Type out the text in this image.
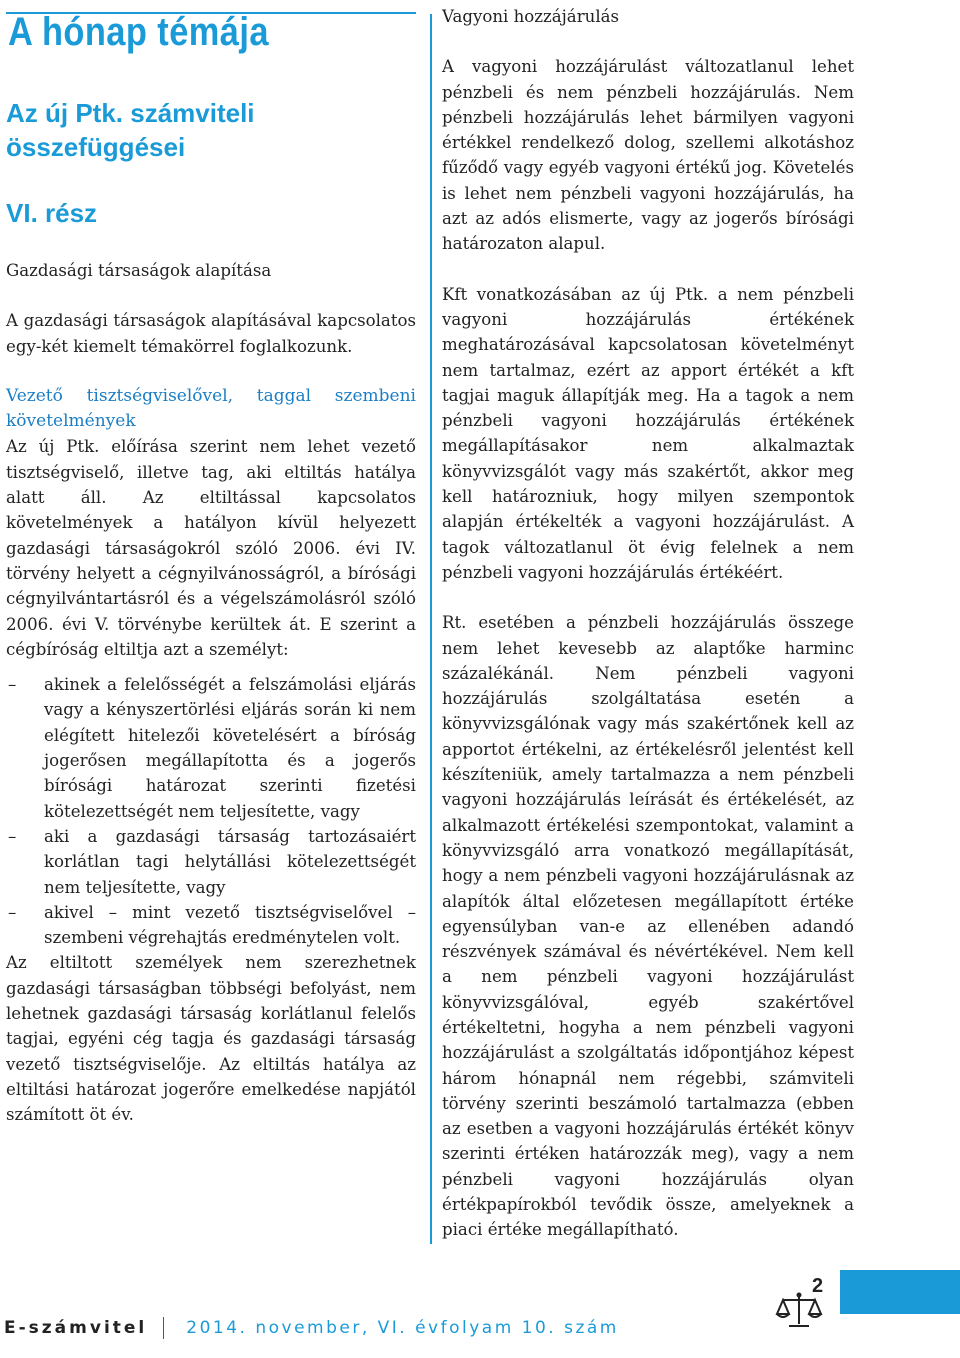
A hónap témája
Az új Ptk. számviteli összefüggései
VI. rész

Gazdasági társaságok alapítása

A gazdasági társaságok alapításával kapcsolatos egy-két kiemelt témakörrel foglalkozunk.

Vezető tisztségviselővel, taggal szembeni követelmények

Az új Ptk. előírása szerint nem lehet vezető tisztségviselő, illetve tag, aki eltiltás hatálya alatt áll. Az eltiltással kapcsolatos követelmények a hatályon kívül helyezett gazdasági társaságokról szóló 2006. évi IV. törvény helyett a cégnyilvánosságról, a bírósági cégnyilvántartásról és a végelszámolásról szóló 2006. évi V. törvénybe kerültek át. E szerint a cégbíróság eltiltja azt a személyt:

– akinek a felelősségét a felszámolási eljárás vagy a kényszertörlési eljárás során ki nem elégített hitelezői követelésért a bíróság jogerősen megállapította és a jogerős bírósági határozat szerinti fizetési kötelezettségét nem teljesítette, vagy
– aki a gazdasági társaság tartozásaiért korlátlan tagi helytállási kötelezettségét nem teljesítette, vagy
– akivel – mint vezető tisztségviselővel – szembeni végrehajtás eredménytelen volt.

Az eltiltott személyek nem szerezhetnek gazdasági társaságban többségi befolyást, nem lehetnek gazdasági társaság korlátlanul felelős tagjai, egyéni cég tagja és gazdasági társaság vezető tisztségviselője. Az eltiltás hatálya az eltiltási határozat jogerőre emelkedése napjától számított öt év.

Vagyoni hozzájárulás

A vagyoni hozzájárulást változatlanul lehet pénzbeli és nem pénzbeli hozzájárulás. Nem pénzbeli hozzájárulás lehet bármilyen vagyoni értékkel rendelkező dolog, szellemi alkotáshoz fűződő vagy egyéb vagyoni értékű jog. Követelés is lehet nem pénzbeli vagyoni hozzájárulás, ha azt az adós elismerte, vagy az jogerős bírósági határozaton alapul.

Kft vonatkozásában az új Ptk. a nem pénzbeli vagyoni hozzájárulás értékének meghatározásával kapcsolatosan követelményt nem tartalmaz, ezért az apport értékét a kft tagjai maguk állapítják meg. Ha a tagok a nem pénzbeli vagyoni hozzájárulás értékének megállapításakor nem alkalmaztak könyvvizsgálót vagy más szakértőt, akkor meg kell határozniuk, hogy milyen szempontok alapján értékelték a vagyoni hozzájárulást. A tagok változatlanul öt évig felelnek a nem pénzbeli vagyoni hozzájárulás értékéért.

Rt. esetében a pénzbeli hozzájárulás összege nem lehet kevesebb az alaptőke harminc százalékánál. Nem pénzbeli vagyoni hozzájárulás szolgáltatása esetén a könyvvizsgálónak vagy más szakértőnek kell az apportot értékelni, az értékelésről jelentést kell készíteniük, amely tartalmazza a nem pénzbeli vagyoni hozzájárulás leírását és értékelését, az alkalmazott értékelési szempontokat, valamint a könyvvizsgáló arra vonatkozó megállapítását, hogy a nem pénzbeli vagyoni hozzájárulásnak az alapítók által előzetesen megállapított értéke egyensúlyban van-e az ellenében adandó részvények számával és névértékével. Nem kell a nem pénzbeli vagyoni hozzájárulást könyvvizsgálóval, egyéb szakértővel értékeltetni, hogyha a nem pénzbeli vagyoni hozzájárulást a szolgáltatás időpontjához képest három hónapnál nem régebbi, számviteli törvény szerinti beszámoló tartalmazza (ebben az esetben a vagyoni hozzájárulás értékét könyv szerinti értéken határozzák meg), vagy a nem pénzbeli vagyoni hozzájárulás olyan értékpapírokból tevődik össze, amelyeknek a piaci értéke megállapítható.

2
E-számvitel 2014. november, VI. évfolyam 10. szám
